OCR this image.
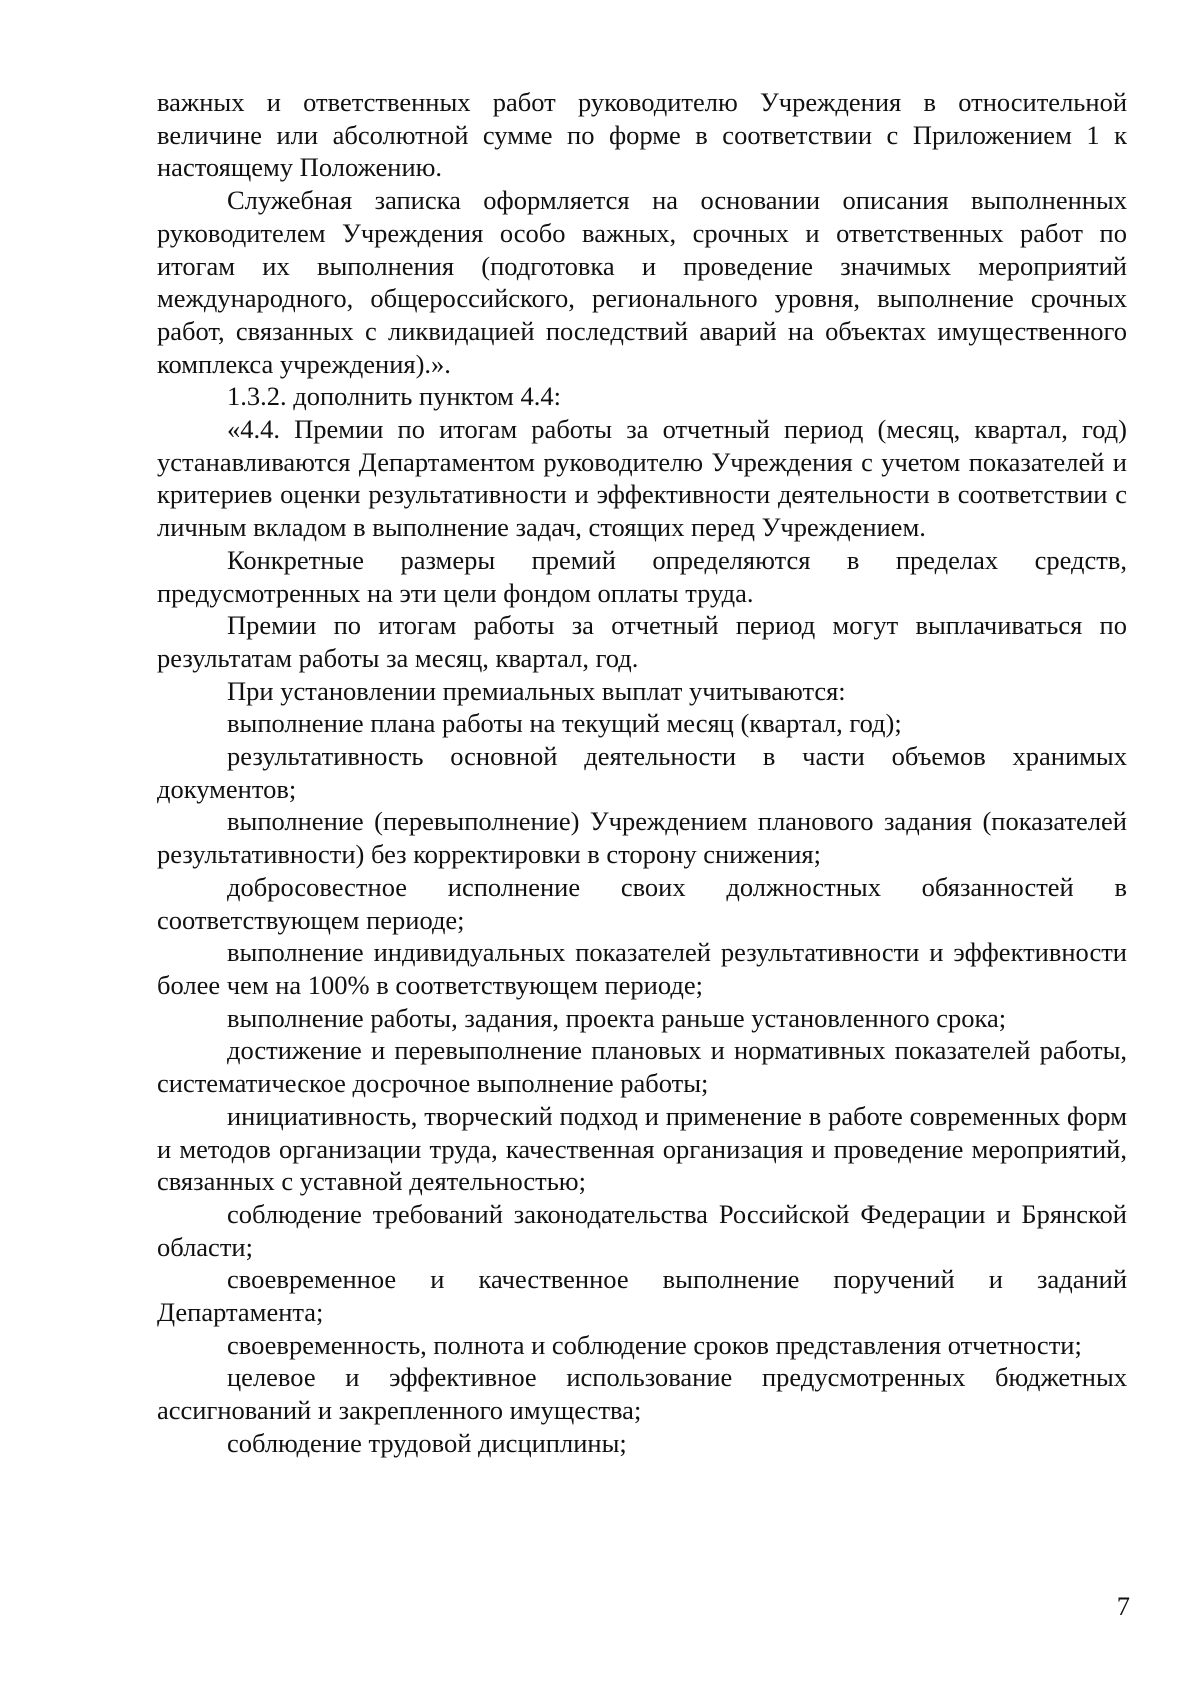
важных и ответственных работ руководителю Учреждения в относительной величине или абсолютной сумме по форме в соответствии с Приложением 1 к настоящему Положению.

Служебная записка оформляется на основании описания выполненных руководителем Учреждения особо важных, срочных и ответственных работ по итогам их выполнения (подготовка и проведение значимых мероприятий международного, общероссийского, регионального уровня, выполнение срочных работ, связанных с ликвидацией последствий аварий на объектах имущественного комплекса учреждения).».

1.3.2. дополнить пунктом 4.4:

«4.4. Премии по итогам работы за отчетный период (месяц, квартал, год) устанавливаются Департаментом руководителю Учреждения с учетом показателей и критериев оценки результативности и эффективности деятельности в соответствии с личным вкладом в выполнение задач, стоящих перед Учреждением.

Конкретные размеры премий определяются в пределах средств, предусмотренных на эти цели фондом оплаты труда.

Премии по итогам работы за отчетный период могут выплачиваться по результатам работы за месяц, квартал, год.

При установлении премиальных выплат учитываются:

выполнение плана работы на текущий месяц (квартал, год);

результативность основной деятельности в части объемов хранимых документов;

выполнение (перевыполнение) Учреждением планового задания (показателей результативности) без корректировки в сторону снижения;

добросовестное исполнение своих должностных обязанностей в соответствующем периоде;

выполнение индивидуальных показателей результативности и эффективности более чем на 100% в соответствующем периоде;

выполнение работы, задания, проекта раньше установленного срока;

достижение и перевыполнение плановых и нормативных показателей работы, систематическое досрочное выполнение работы;

инициативность, творческий подход и применение в работе современных форм и методов организации труда, качественная организация и проведение мероприятий, связанных с уставной деятельностью;

соблюдение требований законодательства Российской Федерации и Брянской области;

своевременное и качественное выполнение поручений и заданий Департамента;

своевременность, полнота и соблюдение сроков представления отчетности;

целевое и эффективное использование предусмотренных бюджетных ассигнований и закрепленного имущества;

соблюдение трудовой дисциплины;

7
